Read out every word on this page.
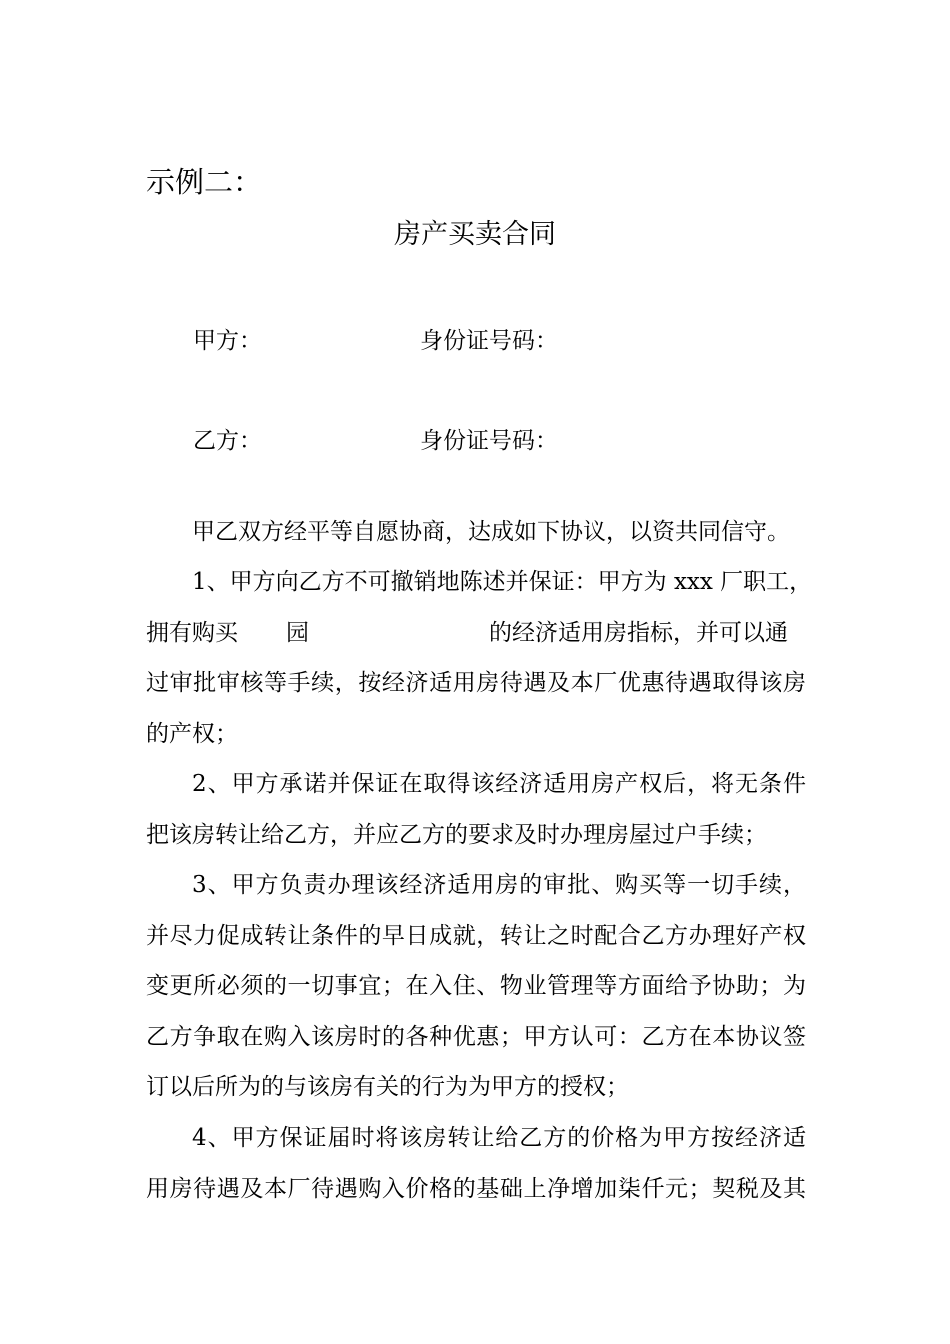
示例二：
房产买卖合同
甲方：	身份证号码：
乙方：	身份证号码：
甲乙双方经平等自愿协商，达成如下协议，以资共同信守。
1、甲方向乙方不可撤销地陈述并保证：甲方为 xxx 厂职工，
拥有购买 园	的经济适用房指标，并可以通
过审批审核等手续，按经济适用房待遇及本厂优惠待遇取得该房
的产权；
2、甲方承诺并保证在取得该经济适用房产权后，将无条件
把该房转让给乙方，并应乙方的要求及时办理房屋过户手续；
3、甲方负责办理该经济适用房的审批、购买等一切手续，
并尽力促成转让条件的早日成就，转让之时配合乙方办理好产权
变更所必须的一切事宜；在入住、物业管理等方面给予协助；为
乙方争取在购入该房时的各种优惠；甲方认可：乙方在本协议签
订以后所为的与该房有关的行为为甲方的授权；
4、甲方保证届时将该房转让给乙方的价格为甲方按经济适
用房待遇及本厂待遇购入价格的基础上净增加柒仟元；契税及其
